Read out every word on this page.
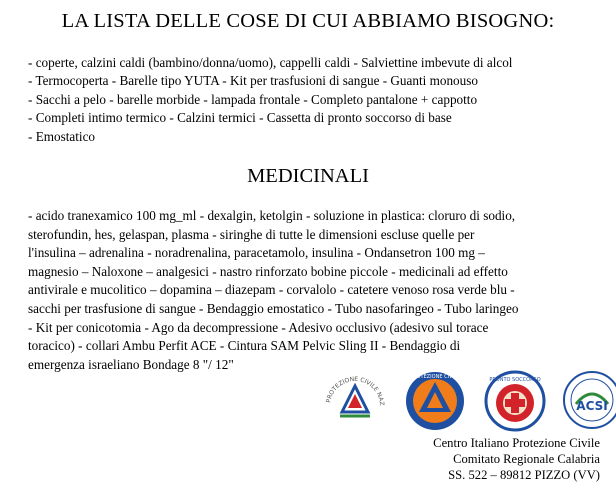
LA LISTA DELLE COSE DI CUI ABBIAMO BISOGNO:
- coperte, calzini caldi (bambino/donna/uomo), cappelli caldi - Salviettine imbevute di alcol
- Termocoperta - Barelle tipo YUTA - Kit per trasfusioni di sangue - Guanti monouso
- Sacchi a pelo - barelle morbide - lampada frontale - Completo pantalone + cappotto
- Completi intimo termico - Calzini termici - Cassetta di pronto soccorso di base
- Emostatico
MEDICINALI
- acido tranexamico 100 mg_ml - dexalgin, ketolgin - soluzione in plastica: cloruro di sodio,
sterofundin, hes, gelaspan, plasma - siringhe di tutte le dimensioni escluse quelle per
l'insulina – adrenalina - noradrenalina, paracetamolo, insulina - Ondansetron 100 mg –
magnesio – Naloxone – analgesici - nastro rinforzato bobine piccole - medicinali ad effetto
antivirale e mucolitico – dopamina – diazepam - corvalolo - catetere venoso rosa verde blu -
sacchi per trasfusione di sangue - Bendaggio emostatico - Tubo nasofaringeo - Tubo laringeo
- Kit per conicotomia - Ago da decompressione - Adesivo occlusivo (adesivo sul torace
toracico) - collari Ambu Perfit ACE - Cintura SAM Pelvic Sling II - Bendaggio di
emergenza israeliano Bondage 8 "/ 12"
PROTEZIONE CIVILE NAZ
PROTEZIONE CIVILE	PRONTO SOCCORSO
ACSI
Centro Italiano Protezione Civile
Comitato Regionale Calabria
SS. 522 – 89812 PIZZO (VV)
